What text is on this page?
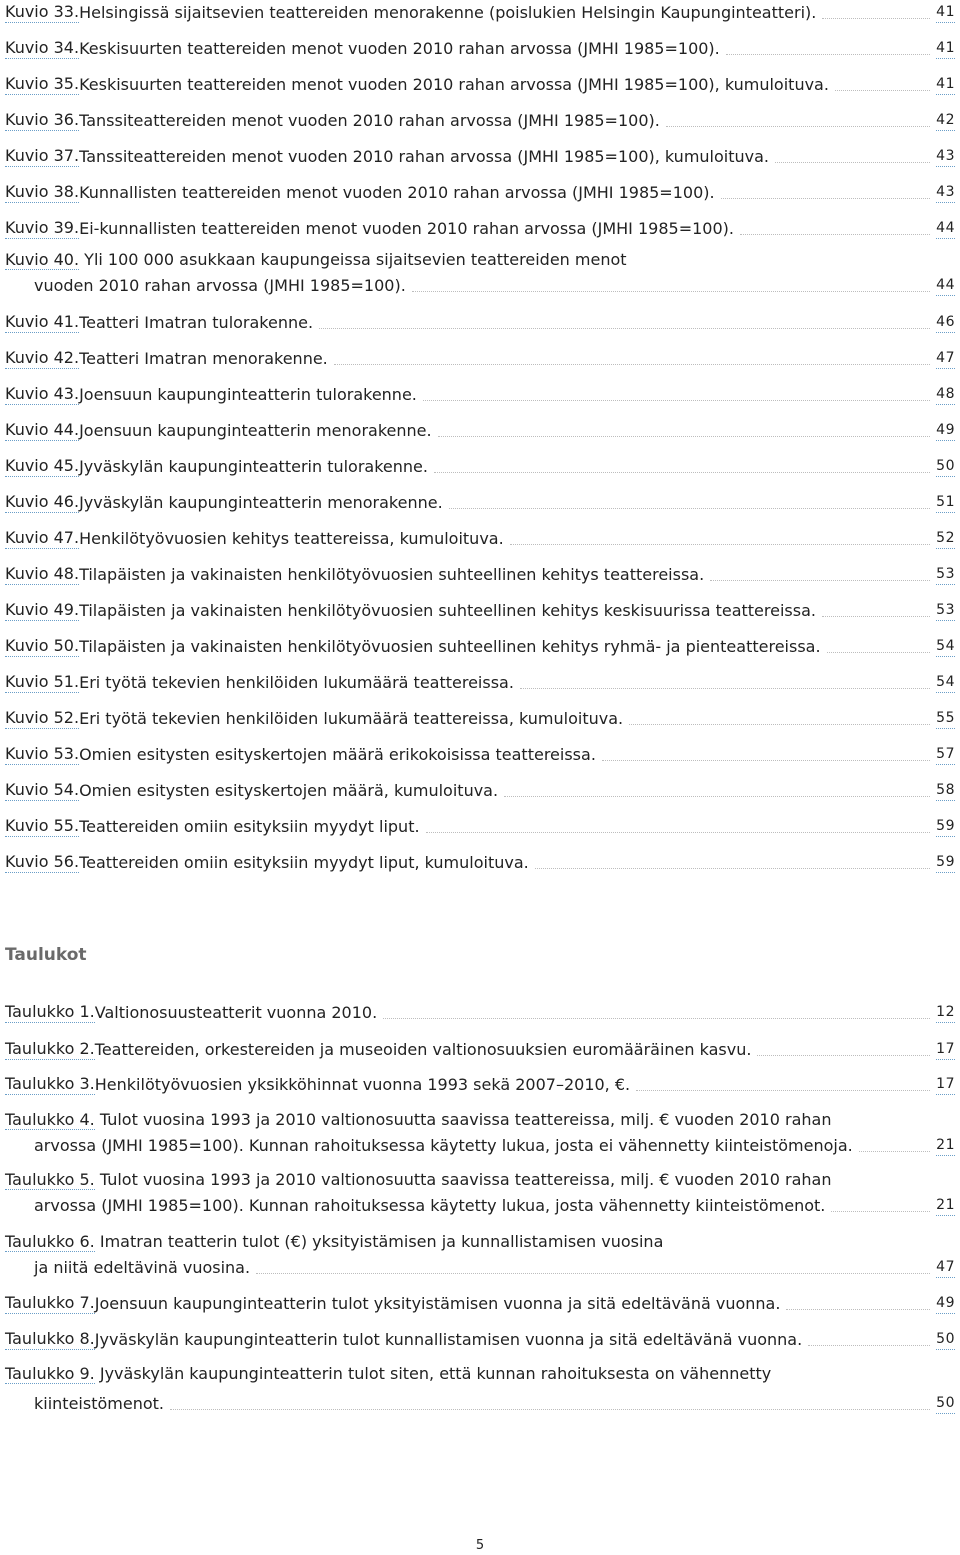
Kuvio 33. Helsingissä sijaitsevien teattereiden menorakenne (poislukien Helsingin Kaupunginteatteri).	41
Kuvio 34. Keskisuurten teattereiden menot vuoden 2010 rahan arvossa (JMHI 1985=100).	41
Kuvio 35. Keskisuurten teattereiden menot vuoden 2010 rahan arvossa (JMHI 1985=100), kumuloituva.	41
Kuvio 36. Tanssiteattereiden menot vuoden 2010 rahan arvossa (JMHI 1985=100).	42
Kuvio 37. Tanssiteattereiden menot vuoden 2010 rahan arvossa (JMHI 1985=100), kumuloituva.	43
Kuvio 38. Kunnallisten teattereiden menot vuoden 2010 rahan arvossa (JMHI 1985=100).	43
Kuvio 39. Ei-kunnallisten teattereiden menot vuoden 2010 rahan arvossa (JMHI 1985=100).	44
Kuvio 40. Yli 100 000 asukkaan kaupungeissa sijaitsevien teattereiden menot
vuoden 2010 rahan arvossa (JMHI 1985=100).	44
Kuvio 41. Teatteri Imatran tulorakenne.	46
Kuvio 42. Teatteri Imatran menorakenne.	47
Kuvio 43. Joensuun kaupunginteatterin tulorakenne.	48
Kuvio 44. Joensuun kaupunginteatterin menorakenne.	49
Kuvio 45. Jyväskylän kaupunginteatterin tulorakenne.	50
Kuvio 46. Jyväskylän kaupunginteatterin menorakenne.	51
Kuvio 47. Henkilötyövuosien kehitys teattereissa, kumuloituva.	52
Kuvio 48. Tilapäisten ja vakinaisten henkilötyövuosien suhteellinen kehitys teattereissa.	53
Kuvio 49. Tilapäisten ja vakinaisten henkilötyövuosien suhteellinen kehitys keskisuurissa teattereissa.	53
Kuvio 50. Tilapäisten ja vakinaisten henkilötyövuosien suhteellinen kehitys ryhmä- ja pienteattereissa.	54
Kuvio 51. Eri työtä tekevien henkilöiden lukumäärä teattereissa.	54
Kuvio 52. Eri työtä tekevien henkilöiden lukumäärä teattereissa, kumuloituva.	55
Kuvio 53. Omien esitysten esityskertojen määrä erikokoisissa teattereissa.	57
Kuvio 54. Omien esitysten esityskertojen määrä, kumuloituva.	58
Kuvio 55. Teattereiden omiin esityksiin myydyt liput.	59
Kuvio 56. Teattereiden omiin esityksiin myydyt liput, kumuloituva.	59
Taulukot
Taulukko 1. Valtionosuusteatterit vuonna 2010.	12
Taulukko 2. Teattereiden, orkestereiden ja museoiden valtionosuuksien euromääräinen kasvu.	17
Taulukko 3. Henkilötyövuosien yksikköhinnat vuonna 1993 sekä 2007–2010, €.	17
Taulukko 4. Tulot vuosina 1993 ja 2010 valtionosuutta saavissa teattereissa, milj. € vuoden 2010 rahan
arvossa (JMHI 1985=100). Kunnan rahoituksessa käytetty lukua, josta ei vähennetty kiinteistömenoja.	21
Taulukko 5. Tulot vuosina 1993 ja 2010 valtionosuutta saavissa teattereissa, milj. € vuoden 2010 rahan
arvossa (JMHI 1985=100). Kunnan rahoituksessa käytetty lukua, josta vähennetty kiinteistömenot.	21
Taulukko 6. Imatran teatterin tulot (€) yksityistämisen ja kunnallistamisen vuosina
ja niitä edeltävinä vuosina.	47
Taulukko 7. Joensuun kaupunginteatterin tulot yksityistämisen vuonna ja sitä edeltävänä vuonna.	49
Taulukko 8. Jyväskylän kaupunginteatterin tulot kunnallistamisen vuonna ja sitä edeltävänä vuonna.	50
Taulukko 9. Jyväskylän kaupunginteatterin tulot siten, että kunnan rahoituksesta on vähennetty
kiinteistömenot.	50
5
